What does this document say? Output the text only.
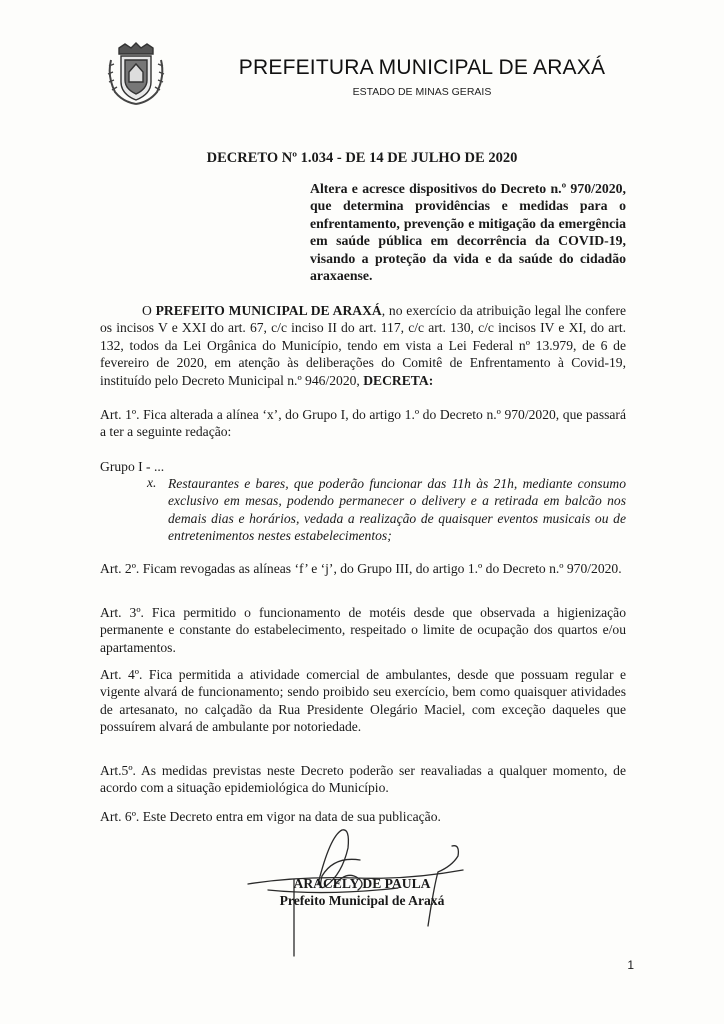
PREFEITURA MUNICIPAL DE ARAXÁ
ESTADO DE MINAS GERAIS
DECRETO Nº 1.034 - DE 14 DE JULHO DE 2020
Altera e acresce dispositivos do Decreto n.º 970/2020, que determina providências e medidas para o enfrentamento, prevenção e mitigação da emergência em saúde pública em decorrência da COVID-19, visando a proteção da vida e da saúde do cidadão araxaense.
O PREFEITO MUNICIPAL DE ARAXÁ, no exercício da atribuição legal lhe confere os incisos V e XXI do art. 67, c/c inciso II do art. 117, c/c art. 130, c/c incisos IV e XI, do art. 132, todos da Lei Orgânica do Município, tendo em vista a Lei Federal nº 13.979, de 6 de fevereiro de 2020, em atenção às deliberações do Comitê de Enfrentamento à Covid-19, instituído pelo Decreto Municipal n.º 946/2020, DECRETA:
Art. 1º. Fica alterada a alínea ‘x’, do Grupo I, do artigo 1.º do Decreto n.º 970/2020, que passará a ter a seguinte redação:
Grupo I - ...
x. Restaurantes e bares, que poderão funcionar das 11h às 21h, mediante consumo exclusivo em mesas, podendo permanecer o delivery e a retirada em balcão nos demais dias e horários, vedada a realização de quaisquer eventos musicais ou de entretenimentos nestes estabelecimentos;
Art. 2º. Ficam revogadas as alíneas ‘f’ e ‘j’, do Grupo III, do artigo 1.º do Decreto n.º 970/2020.
Art. 3º. Fica permitido o funcionamento de motéis desde que observada a higienização permanente e constante do estabelecimento, respeitado o limite de ocupação dos quartos e/ou apartamentos.
Art. 4º. Fica permitida a atividade comercial de ambulantes, desde que possuam regular e vigente alvará de funcionamento; sendo proibido seu exercício, bem como quaisquer atividades de artesanato, no calçadão da Rua Presidente Olegário Maciel, com exceção daqueles que possuírem alvará de ambulante por notoriedade.
Art.5º. As medidas previstas neste Decreto poderão ser reavaliadas a qualquer momento, de acordo com a situação epidemiológica do Município.
Art. 6º. Este Decreto entra em vigor na data de sua publicação.
ARACELY DE PAULA
Prefeito Municipal de Araxá
1
